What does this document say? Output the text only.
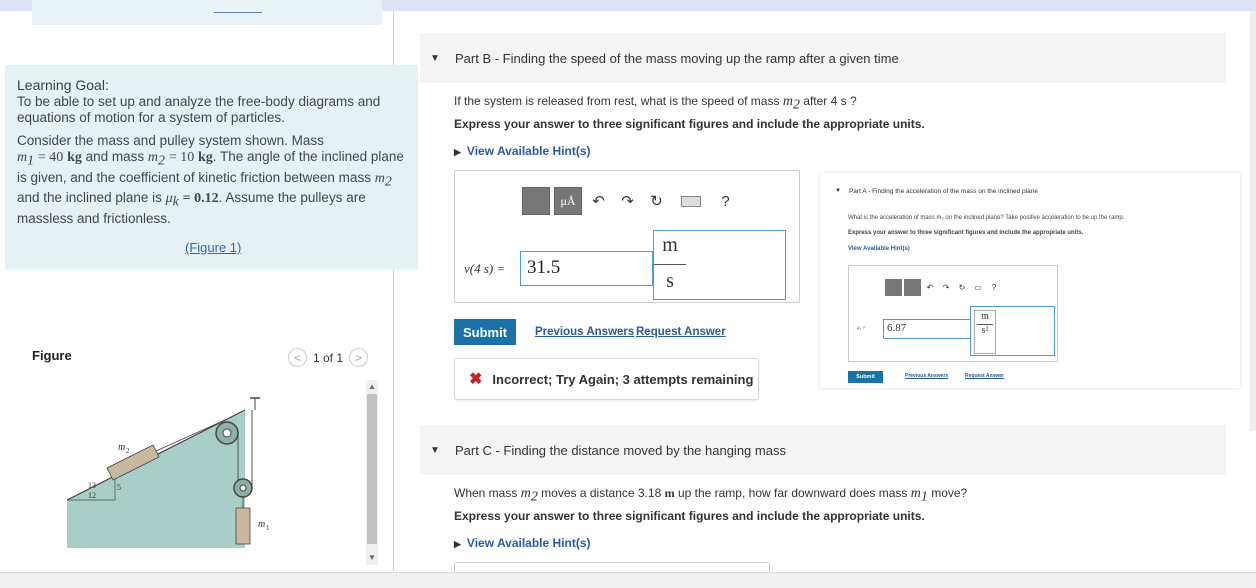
Learning Goal:

To be able to set up and analyze the free-body diagrams and equations of motion for a system of particles.

Consider the mass and pulley system shown. Mass
$m_1 = 40$ kg and mass $m_2 = 10$ kg. The angle of the inclined plane is given, and the coefficient of kinetic friction between mass $m_2$ and the inclined plane is $\mu_k = 0.12$. Assume the pulleys are massless and frictionless.

(Figure 1)
Figure	<	1 of 1 >
13	5
12
m 2
m 1
▲
▼
▼	Part B - Finding the speed of the mass moving up the ramp after a given time
If the system is released from rest, what is the speed of mass $m_2$ after 4 s ?
Express your answer to three significant figures and include the appropriate units.
▶ View Available Hint(s)
μÅ	↶	↷	↻	?
v(4 s) =	31.5
m
s
Submit	Previous Answers Request Answer
✖ Incorrect; Try Again; 3 attempts remaining
▼ Part A - Finding the acceleration of the mass on the inclined plane
What is the acceleration of mass m₂ on the inclined plane? Take positive acceleration to be up the ramp.
Express your answer to three significant figures and include the appropriate units.
View Available Hint(s)
↶	↷	↻	▭	?
a₂ =	6.87	$\frac{m}{\text{s²}}$
Submit	Previous Answers	Request Answer
▼	Part C - Finding the distance moved by the hanging mass
When mass $m_2$ moves a distance 3.18 m up the ramp, how far downward does mass $m_1$ move?
Express your answer to three significant figures and include the appropriate units.
▶ View Available Hint(s)
